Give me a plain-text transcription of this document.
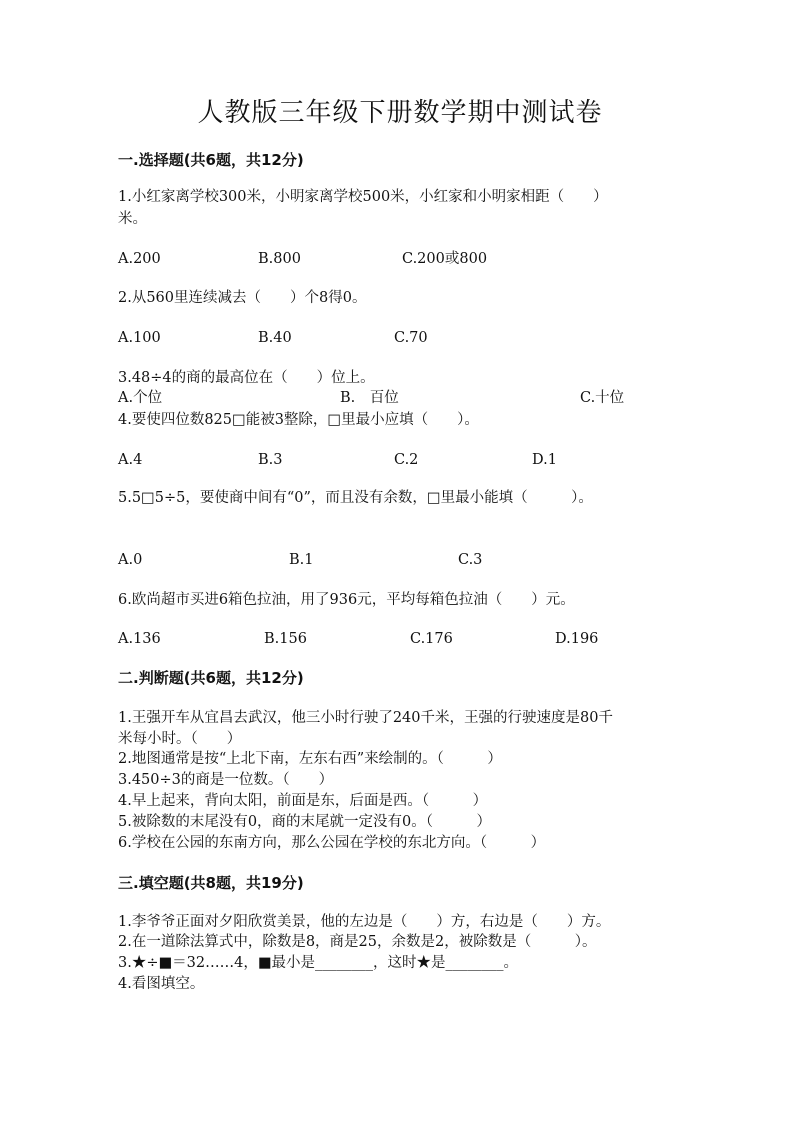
人教版三年级下册数学期中测试卷
一.选择题(共6题，共12分)
1.小红家离学校300米，小明家离学校500米，小红家和小明家相距（　　）
米。
A.200	B.800	C.200或800
2.从560里连续减去（　　）个8得0。
A.100	B.40	C.70
3.48÷4的商的最高位在（　　）位上。
A.个位	B.　百位	C.十位
4.要使四位数825□能被3整除，□里最小应填（　　）。
A.4	B.3	C.2	D.1
5.5□5÷5，要使商中间有“0”，而且没有余数，□里最小能填（　　　）。
A.0	B.1	C.3
6.欧尚超市买进6箱色拉油，用了936元，平均每箱色拉油（　　）元。
A.136	B.156	C.176	D.196
二.判断题(共6题，共12分)
1.王强开车从宜昌去武汉，他三小时行驶了240千米，王强的行驶速度是80千
米每小时。（　　）
2.地图通常是按“上北下南，左东右西”来绘制的。（　　　）
3.450÷3的商是一位数。（　　）
4.早上起来，背向太阳，前面是东，后面是西。（　　　）
5.被除数的末尾没有0，商的末尾就一定没有0。（　　　）
6.学校在公园的东南方向，那么公园在学校的东北方向。（　　　）
三.填空题(共8题，共19分)
1.李爷爷正面对夕阳欣赏美景，他的左边是（　　）方，右边是（　　）方。
2.在一道除法算式中，除数是8，商是25，余数是2，被除数是（　　　）。
3.★÷■＝32……4，■最小是________，这时★是________。
4.看图填空。
